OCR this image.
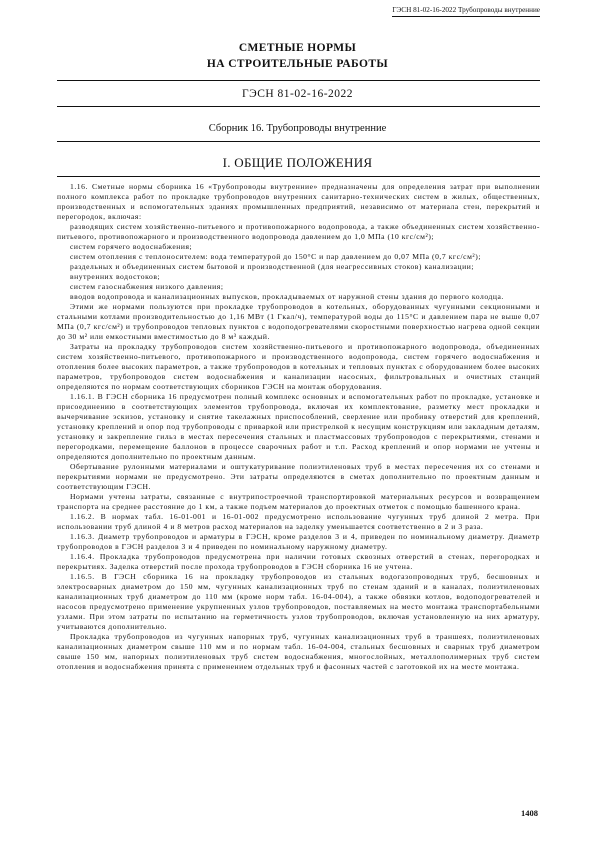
ГЭСН 81-02-16-2022 Трубопроводы внутренние
СМЕТНЫЕ НОРМЫ
НА СТРОИТЕЛЬНЫЕ РАБОТЫ
ГЭСН 81-02-16-2022
Сборник 16. Трубопроводы внутренние
I. ОБЩИЕ ПОЛОЖЕНИЯ

1.16. Сметные нормы сборника 16 «Трубопроводы внутренние» предназначены для определения затрат при выполнении полного комплекса работ по прокладке трубопроводов внутренних санитарно-технических систем в жилых, общественных, производственных и вспомогательных зданиях промышленных предприятий, независимо от материала стен, перекрытий и перегородок, включая:

разводящих систем хозяйственно-питьевого и противопожарного водопровода, а также объединенных систем хозяйственно-питьевого, противопожарного и производственного водопровода давлением до 1,0 МПа (10 кгс/см²);

систем горячего водоснабжения;

систем отопления с теплоносителем: вода температурой до 150°С и пар давлением до 0,07 МПа (0,7 кгс/см²);

раздельных и объединенных систем бытовой и производственной (для неагрессивных стоков) канализации;

внутренних водостоков;

систем газоснабжения низкого давления;

вводов водопровода и канализационных выпусков, прокладываемых от наружной стены здания до первого колодца.

Этими же нормами пользуются при прокладке трубопроводов в котельных, оборудованных чугунными секционными и стальными котлами производительностью до 1,16 МВт (1 Гкал/ч), температурой воды до 115°С и давлением пара не выше 0,07 МПа (0,7 кгс/см²) и трубопроводов тепловых пунктов с водоподогревателями скоростными поверхностью нагрева одной секции до 30 м² или емкостными вместимостью до 8 м³ каждый.

Затраты на прокладку трубопроводов систем хозяйственно-питьевого и противопожарного водопровода, объединенных систем хозяйственно-питьевого, противопожарного и производственного водопровода, систем горячего водоснабжения и отопления более высоких параметров, а также трубопроводов в котельных и тепловых пунктах с оборудованием более высоких параметров, трубопроводов систем водоснабжения и канализации насосных, фильтровальных и очистных станций определяются по нормам соответствующих сборников ГЭСН на монтаж оборудования.

1.16.1. В ГЭСН сборника 16 предусмотрен полный комплекс основных и вспомогательных работ по прокладке, установке и присоединению в соответствующих элементов трубопровода, включая их комплектование, разметку мест прокладки и вычерчивание эскизов, установку и снятие такелажных приспособлений, сверление или пробивку отверстий для креплений, установку креплений и опор под трубопроводы с приваркой или пристрелкой к несущим конструкциям или закладным деталям, установку и закрепление гильз в местах пересечения стальных и пластмассовых трубопроводов с перекрытиями, стенами и перегородками, перемещение баллонов в процессе сварочных работ и т.п. Расход креплений и опор нормами не учтены и определяются дополнительно по проектным данным.

Обертывание рулонными материалами и оштукатуривание полиэтиленовых труб в местах пересечения их со стенами и перекрытиями нормами не предусмотрено. Эти затраты определяются в сметах дополнительно по проектным данным и соответствующим ГЭСН.

Нормами учтены затраты, связанные с внутрипостроечной транспортировкой материальных ресурсов и возвращением транспорта на среднее расстояние до 1 км, а также подъем материалов до проектных отметок с помощью башенного крана.

1.16.2. В нормах табл. 16-01-001 и 16-01-002 предусмотрено использование чугунных труб длиной 2 метра. При использовании труб длиной 4 и 8 метров расход материалов на заделку уменьшается соответственно в 2 и 3 раза.

1.16.3. Диаметр трубопроводов и арматуры в ГЭСН, кроме разделов 3 и 4, приведен по номинальному диаметру. Диаметр трубопроводов в ГЭСН разделов 3 и 4 приведен по номинальному наружному диаметру.

1.16.4. Прокладка трубопроводов предусмотрена при наличии готовых сквозных отверстий в стенах, перегородках и перекрытиях. Заделка отверстий после прохода трубопроводов в ГЭСН сборника 16 не учтена.

1.16.5. В ГЭСН сборника 16 на прокладку трубопроводов из стальных водогазопроводных труб, бесшовных и электросварных диаметром до 150 мм, чугунных канализационных труб по стенам зданий и в каналах, полиэтиленовых канализационных труб диаметром до 110 мм (кроме норм табл. 16-04-004), а также обвязки котлов, водоподогревателей и насосов предусмотрено применение укрупненных узлов трубопроводов, поставляемых на место монтажа транспортабельными узлами. При этом затраты по испытанию на герметичность узлов трубопроводов, включая установленную на них арматуру, учитываются дополнительно.

Прокладка трубопроводов из чугунных напорных труб, чугунных канализационных труб в траншеях, полиэтиленовых канализационных диаметром свыше 110 мм и по нормам табл. 16-04-004, стальных бесшовных и сварных труб диаметром свыше 150 мм, напорных полиэтиленовых труб систем водоснабжения, многослойных, металлополимерных труб систем отопления и водоснабжения принята с применением отдельных труб и фасонных частей с заготовкой их на месте монтажа.

1408
